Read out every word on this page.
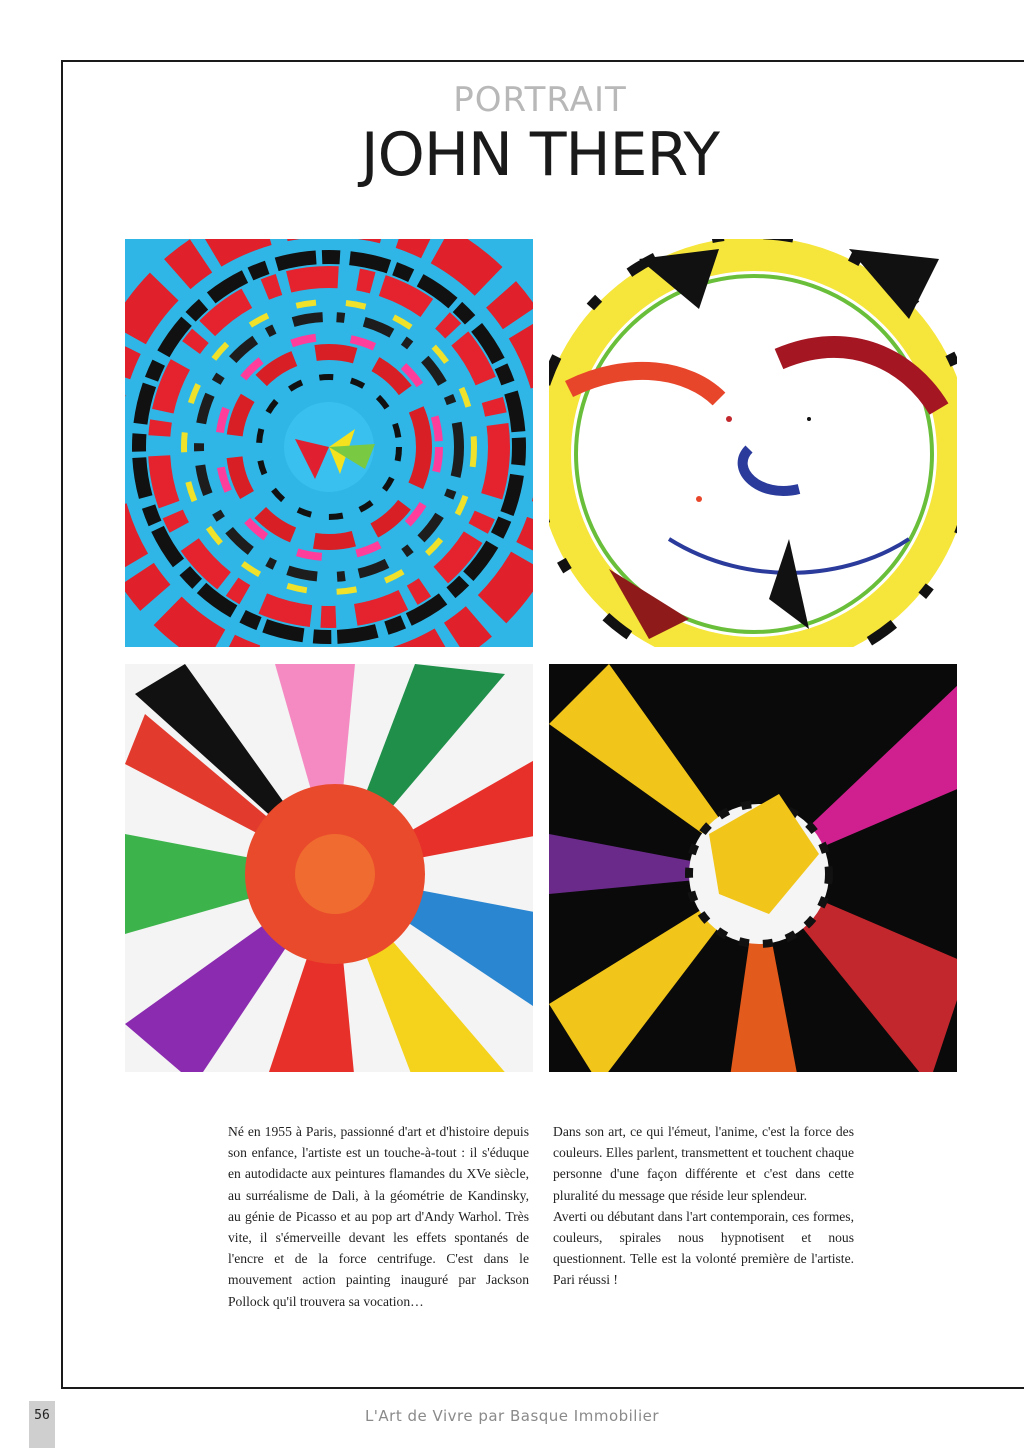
PORTRAIT
JOHN THERY

Né en 1955 à Paris, passionné d'art et d'histoire depuis son enfance, l'artiste est un touche-à-tout : il s'éduque en autodidacte aux peintures flamandes du XVe siècle, au surréalisme de Dali, à la géométrie de Kandinsky, au génie de Picasso et au pop art d'Andy Warhol. Très vite, il s'émerveille devant les effets spontanés de l'encre et de la force centrifuge. C'est dans le mouvement action painting inauguré par Jackson Pollock qu'il trouvera sa vocation…

Dans son art, ce qui l'émeut, l'anime, c'est la force des couleurs. Elles parlent, transmettent et touchent chaque personne d'une façon différente et c'est dans cette pluralité du message que réside leur splendeur.

Averti ou débutant dans l'art contemporain, ces formes, couleurs, spirales nous hypnotisent et nous questionnent. Telle est la volonté première de l'artiste. Pari réussi !

56	L'Art de Vivre par Basque Immobilier
